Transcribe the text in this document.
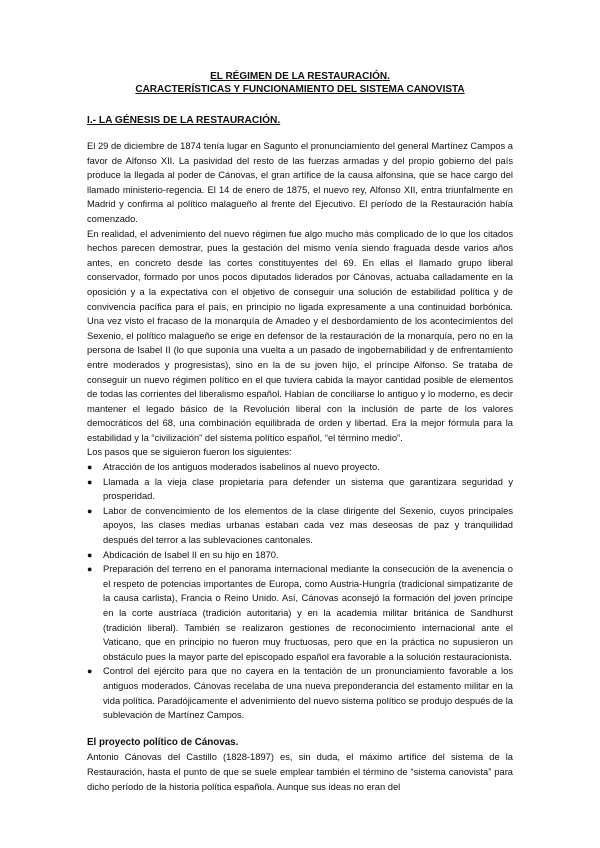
EL RÉGIMEN DE LA RESTAURACIÓN.
CARACTERÍSTICAS Y FUNCIONAMIENTO DEL SISTEMA CANOVISTA
I.- LA GÉNESIS DE LA RESTAURACIÓN.

El 29 de diciembre de 1874 tenía lugar en Sagunto el pronunciamiento del general Martínez Campos a favor de Alfonso XII. La pasividad del resto de las fuerzas armadas y del propio gobierno del país produce la llegada al poder de Cánovas, el gran artífice de la causa alfonsina, que se hace cargo del llamado ministerio-regencia. El 14 de enero de 1875, el nuevo rey, Alfonso XII, entra triunfalmente en Madrid y confirma al político malagueño al frente del Ejecutivo. El período de la Restauración había comenzado.

En realidad, el advenimiento del nuevo régimen fue algo mucho más complicado de lo que los citados hechos parecen demostrar, pues la gestación del mismo venía siendo fraguada desde varios años antes, en concreto desde las cortes constituyentes del 69. En ellas el llamado grupo liberal conservador, formado por unos pocos diputados liderados por Cánovas, actuaba calladamente en la oposición y a la expectativa con el objetivo de conseguir una solución de estabilidad política y de convivencia pacífica para el país, en principio no ligada expresamente a una continuidad borbónica. Una vez visto el fracaso de la monarquía de Amadeo y el desbordamiento de los acontecimientos del Sexenio, el político malagueño se erige en defensor de la restauración de la monarquía, pero no en la persona de Isabel II (lo que suponía una vuelta a un pasado de ingobernabilidad y de enfrentamiento entre moderados y progresistas), sino en la de su joven hijo, el príncipe Alfonso. Se trataba de conseguir un nuevo régimen político en el que tuviera cabida la mayor cantidad posible de elementos de todas las corrientes del liberalismo español. Habían de conciliarse lo antiguo y lo moderno, es decir mantener el legado básico de la Revolución liberal con la inclusión de parte de los valores democráticos del 68, una combinación equilibrada de orden y libertad. Era la mejor fórmula para la estabilidad y la “civilización” del sistema político español, “el término medio”.

Los pasos que se siguieron fueron los siguientes:

● Atracción de los antiguos moderados isabelinos al nuevo proyecto.
● Llamada a la vieja clase propietaria para defender un sistema que garantizara seguridad y prosperidad.
● Labor de convencimiento de los elementos de la clase dirigente del Sexenio, cuyos principales apoyos, las clases medias urbanas estaban cada vez mas deseosas de paz y tranquilidad después del terror a las sublevaciones cantonales.
● Abdicación de Isabel II en su hijo en 1870.
● Preparación del terreno en el panorama internacional mediante la consecución de la avenencia o el respeto de potencias importantes de Europa, como Austria-Hungría (tradicional simpatizante de la causa carlista), Francia o Reino Unido. Así, Cánovas aconsejó la formación del joven príncipe en la corte austríaca (tradición autoritaria) y en la academia militar británica de Sandhurst (tradición liberal). También se realizaron gestiones de reconocimiento internacional ante el Vaticano, que en principio no fueron muy fructuosas, pero que en la práctica no supusieron un obstáculo pues la mayor parte del episcopado español era favorable a la solución restauracionista.
● Control del ejército para que no cayera en la tentación de un pronunciamiento favorable a los antiguos moderados. Cánovas recelaba de una nueva preponderancia del estamento militar en la vida política. Paradójicamente el advenimiento del nuevo sistema político se produjo después de la sublevación de Martínez Campos.

El proyecto político de Cánovas.

Antonio Cánovas del Castillo (1828-1897) es, sin duda, el máximo artífice del sistema de la Restauración, hasta el punto de que se suele emplear también el término de “sistema canovista” para dicho período de la historia política española. Aunque sus ideas no eran del
